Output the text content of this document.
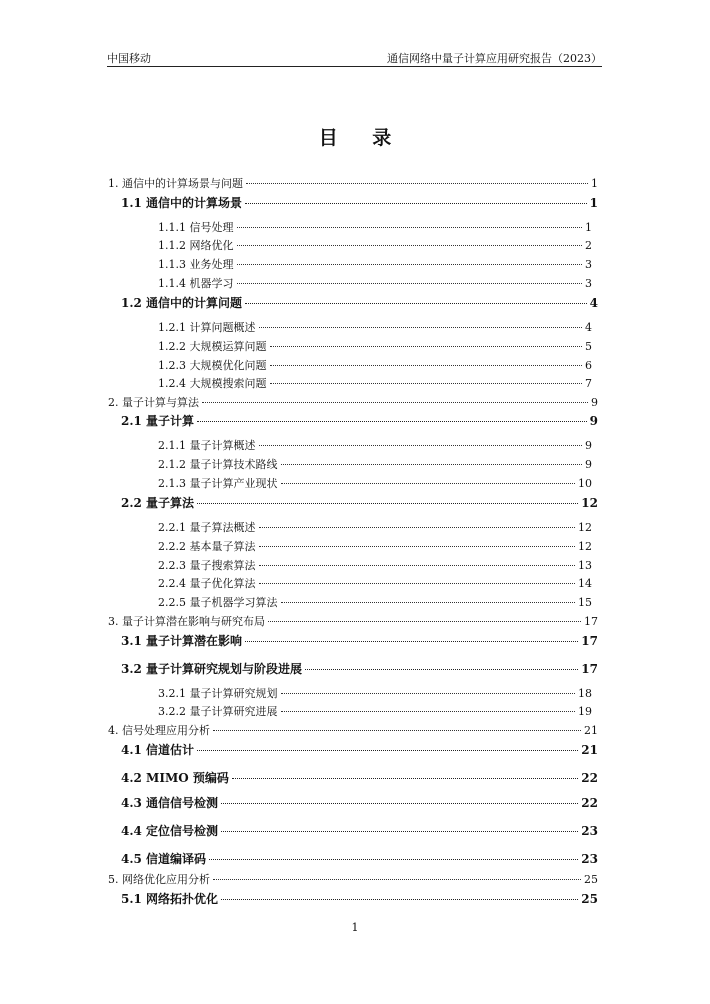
中国移动	通信网络中量子计算应用研究报告（2023）
目 录
1. 通信中的计算场景与问题	1
1.1 通信中的计算场景	1
1.1.1 信号处理	1
1.1.2 网络优化	2
1.1.3 业务处理	3
1.1.4 机器学习	3
1.2 通信中的计算问题	4
1.2.1 计算问题概述	4
1.2.2 大规模运算问题	5
1.2.3 大规模优化问题	6
1.2.4 大规模搜索问题	7
2. 量子计算与算法	9
2.1 量子计算	9
2.1.1 量子计算概述	9
2.1.2 量子计算技术路线	9
2.1.3 量子计算产业现状	10
2.2 量子算法	12
2.2.1 量子算法概述	12
2.2.2 基本量子算法	12
2.2.3 量子搜索算法	13
2.2.4 量子优化算法	14
2.2.5 量子机器学习算法	15
3. 量子计算潜在影响与研究布局	17
3.1 量子计算潜在影响	17
3.2 量子计算研究规划与阶段进展	17
3.2.1 量子计算研究规划	18
3.2.2 量子计算研究进展	19
4. 信号处理应用分析	21
4.1 信道估计	21
4.2 MIMO 预编码	22
4.3 通信信号检测	22
4.4 定位信号检测	23
4.5 信道编译码	23
5. 网络优化应用分析	25
5.1 网络拓扑优化	25
1
